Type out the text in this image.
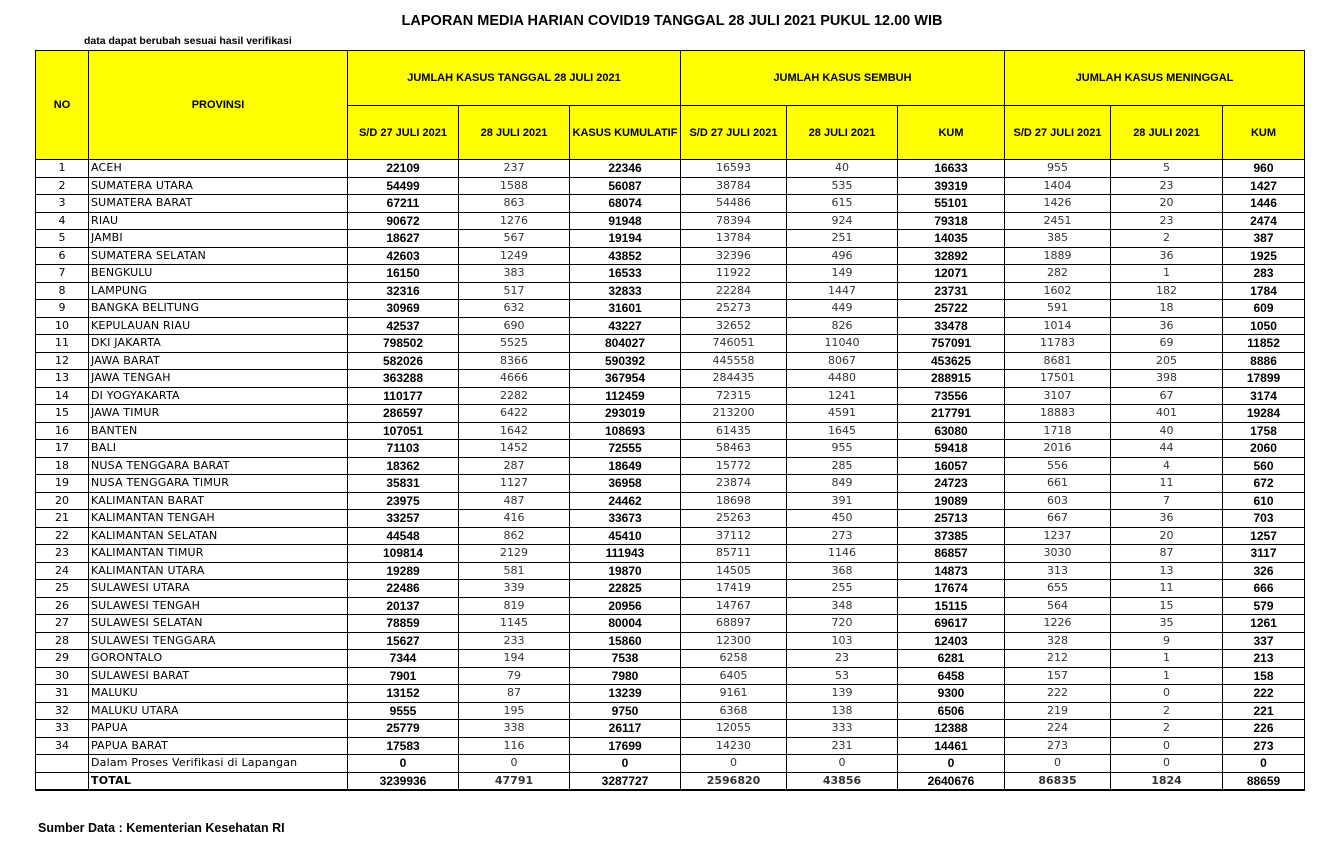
LAPORAN MEDIA HARIAN COVID19 TANGGAL 28 JULI 2021 PUKUL 12.00 WIB
data dapat berubah sesuai hasil verifikasi
NO	PROVINSI	JUMLAH KASUS TANGGAL 28 JULI 2021			JUMLAH KASUS SEMBUH			JUMLAH KASUS MENINGGAL		
		S/D 27 JULI 2021	28 JULI 2021	KASUS KUMULATIF	S/D 27 JULI 2021	28 JULI 2021	KUM	S/D 27 JULI 2021	28 JULI 2021	KUM
1	ACEH	22109	237	22346	16593	40	16633	955	5	960
2	SUMATERA UTARA	54499	1588	56087	38784	535	39319	1404	23	1427
3	SUMATERA BARAT	67211	863	68074	54486	615	55101	1426	20	1446
4	RIAU	90672	1276	91948	78394	924	79318	2451	23	2474
5	JAMBI	18627	567	19194	13784	251	14035	385	2	387
6	SUMATERA SELATAN	42603	1249	43852	32396	496	32892	1889	36	1925
7	BENGKULU	16150	383	16533	11922	149	12071	282	1	283
8	LAMPUNG	32316	517	32833	22284	1447	23731	1602	182	1784
9	BANGKA BELITUNG	30969	632	31601	25273	449	25722	591	18	609
10	KEPULAUAN RIAU	42537	690	43227	32652	826	33478	1014	36	1050
11	DKI JAKARTA	798502	5525	804027	746051	11040	757091	11783	69	11852
12	JAWA BARAT	582026	8366	590392	445558	8067	453625	8681	205	8886
13	JAWA TENGAH	363288	4666	367954	284435	4480	288915	17501	398	17899
14	DI YOGYAKARTA	110177	2282	112459	72315	1241	73556	3107	67	3174
15	JAWA TIMUR	286597	6422	293019	213200	4591	217791	18883	401	19284
16	BANTEN	107051	1642	108693	61435	1645	63080	1718	40	1758
17	BALI	71103	1452	72555	58463	955	59418	2016	44	2060
18	NUSA TENGGARA BARAT	18362	287	18649	15772	285	16057	556	4	560
19	NUSA TENGGARA TIMUR	35831	1127	36958	23874	849	24723	661	11	672
20	KALIMANTAN BARAT	23975	487	24462	18698	391	19089	603	7	610
21	KALIMANTAN TENGAH	33257	416	33673	25263	450	25713	667	36	703
22	KALIMANTAN SELATAN	44548	862	45410	37112	273	37385	1237	20	1257
23	KALIMANTAN TIMUR	109814	2129	111943	85711	1146	86857	3030	87	3117
24	KALIMANTAN UTARA	19289	581	19870	14505	368	14873	313	13	326
25	SULAWESI UTARA	22486	339	22825	17419	255	17674	655	11	666
26	SULAWESI TENGAH	20137	819	20956	14767	348	15115	564	15	579
27	SULAWESI SELATAN	78859	1145	80004	68897	720	69617	1226	35	1261
28	SULAWESI TENGGARA	15627	233	15860	12300	103	12403	328	9	337
29	GORONTALO	7344	194	7538	6258	23	6281	212	1	213
30	SULAWESI BARAT	7901	79	7980	6405	53	6458	157	1	158
31	MALUKU	13152	87	13239	9161	139	9300	222	0	222
32	MALUKU UTARA	9555	195	9750	6368	138	6506	219	2	221
33	PAPUA	25779	338	26117	12055	333	12388	224	2	226
34	PAPUA BARAT	17583	116	17699	14230	231	14461	273	0	273
	Dalam Proses Verifikasi di Lapangan	0	0	0	0	0	0	0	0	0
	TOTAL	3239936	47791	3287727	2596820	43856	2640676	86835	1824	88659
Sumber Data : Kementerian Kesehatan RI
